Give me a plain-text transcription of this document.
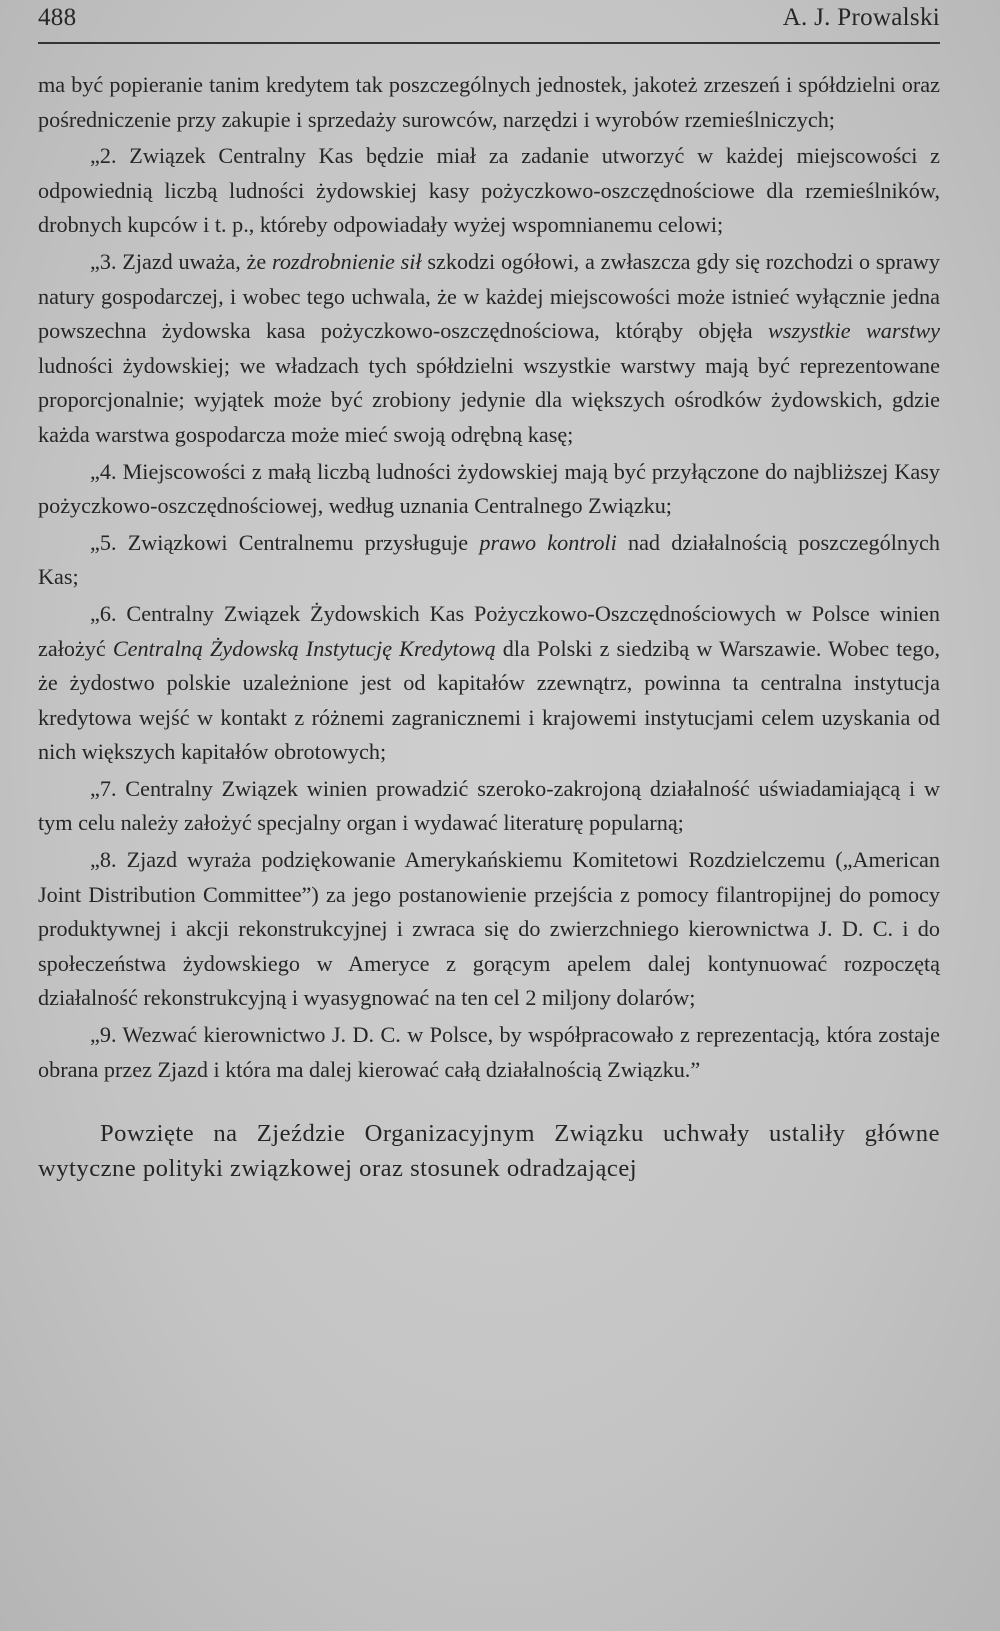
488	A. J. Prowalski

ma być popieranie tanim kredytem tak poszczególnych jednostek, jakoteż zrzeszeń i spółdzielni oraz pośredniczenie przy zakupie i sprzedaży surowców, narzędzi i wyrobów rzemieślniczych;

„2. Związek Centralny Kas będzie miał za zadanie utworzyć w każdej miejscowości z odpowiednią liczbą ludności żydowskiej kasy pożyczkowo-oszczędnościowe dla rzemieślników, drobnych kupców i t. p., któreby odpowiadały wyżej wspomnianemu celowi;

„3. Zjazd uważa, że rozdrobnienie sił szkodzi ogółowi, a zwłaszcza gdy się rozchodzi o sprawy natury gospodarczej, i wobec tego uchwala, że w każdej miejscowości może istnieć wyłącznie jedna powszechna żydowska kasa pożyczkowo-oszczędnościowa, którąby objęła wszystkie warstwy ludności żydowskiej; we władzach tych spółdzielni wszystkie warstwy mają być reprezentowane proporcjonalnie; wyjątek może być zrobiony jedynie dla większych ośrodków żydowskich, gdzie każda warstwa gospodarcza może mieć swoją odrębną kasę;

„4. Miejscowości z małą liczbą ludności żydowskiej mają być przyłączone do najbliższej Kasy pożyczkowo-oszczędnościowej, według uznania Centralnego Związku;

„5. Związkowi Centralnemu przysługuje prawo kontroli nad działalnością poszczególnych Kas;

„6. Centralny Związek Żydowskich Kas Pożyczkowo-Oszczędnościowych w Polsce winien założyć Centralną Żydowską Instytucję Kredytową dla Polski z siedzibą w Warszawie. Wobec tego, że żydostwo polskie uzależnione jest od kapitałów zzewnątrz, powinna ta centralna instytucja kredytowa wejść w kontakt z różnemi zagranicznemi i krajowemi instytucjami celem uzyskania od nich większych kapitałów obrotowych;

„7. Centralny Związek winien prowadzić szeroko-zakrojoną działalność uświadamiającą i w tym celu należy założyć specjalny organ i wydawać literaturę popularną;

„8. Zjazd wyraża podziękowanie Amerykańskiemu Komitetowi Rozdzielczemu („American Joint Distribution Committee”) za jego postanowienie przejścia z pomocy filantropijnej do pomocy produktywnej i akcji rekonstrukcyjnej i zwraca się do zwierzchniego kierownictwa J. D. C. i do społeczeństwa żydowskiego w Ameryce z gorącym apelem dalej kontynuować rozpoczętą działalność rekonstrukcyjną i wyasygnować na ten cel 2 miljony dolarów;

„9. Wezwać kierownictwo J. D. C. w Polsce, by współpracowało z reprezentacją, która zostaje obrana przez Zjazd i która ma dalej kierować całą działalnością Związku.”

Powzięte na Zjeździe Organizacyjnym Związku uchwały ustaliły główne wytyczne polityki związkowej oraz stosunek odradzającej
